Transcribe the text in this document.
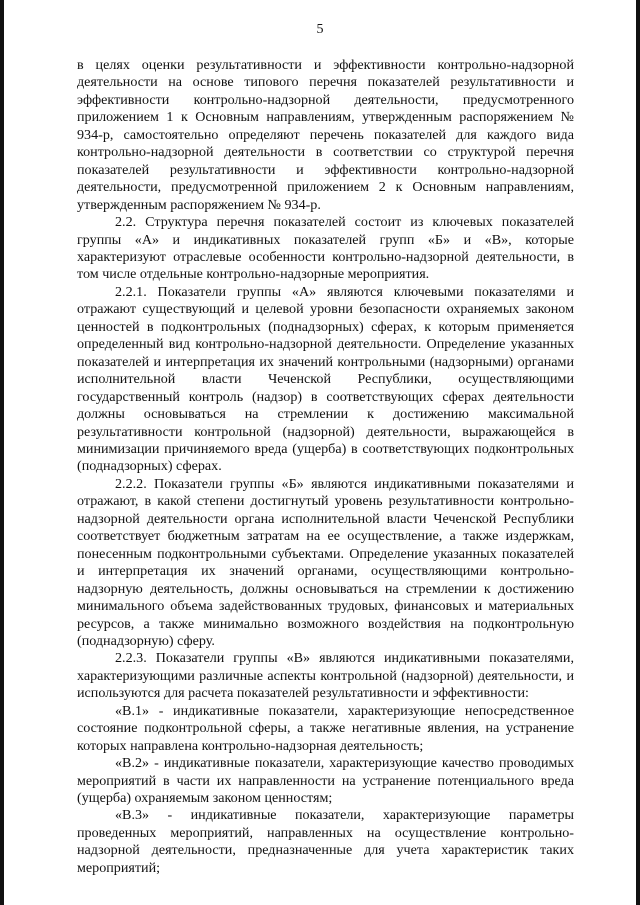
5

в целях оценки результативности и эффективности контрольно-надзорной деятельности на основе типового перечня показателей результативности и эффективности контрольно-надзорной деятельности, предусмотренного приложением 1 к Основным направлениям, утвержденным распоряжением № 934-р, самостоятельно определяют перечень показателей для каждого вида контрольно-надзорной деятельности в соответствии со структурой перечня показателей результативности и эффективности контрольно-надзорной деятельности, предусмотренной приложением 2 к Основным направлениям, утвержденным распоряжением № 934-р.

2.2. Структура перечня показателей состоит из ключевых показателей группы «А» и индикативных показателей групп «Б» и «В», которые характеризуют отраслевые особенности контрольно-надзорной деятельности, в том числе отдельные контрольно-надзорные мероприятия.

2.2.1. Показатели группы «А» являются ключевыми показателями и отражают существующий и целевой уровни безопасности охраняемых законом ценностей в подконтрольных (поднадзорных) сферах, к которым применяется определенный вид контрольно-надзорной деятельности. Определение указанных показателей и интерпретация их значений контрольными (надзорными) органами исполнительной власти Чеченской Республики, осуществляющими государственный контроль (надзор) в соответствующих сферах деятельности должны основываться на стремлении к достижению максимальной результативности контрольной (надзорной) деятельности, выражающейся в минимизации причиняемого вреда (ущерба) в соответствующих подконтрольных (поднадзорных) сферах.

2.2.2. Показатели группы «Б» являются индикативными показателями и отражают, в какой степени достигнутый уровень результативности контрольно-надзорной деятельности органа исполнительной власти Чеченской Республики соответствует бюджетным затратам на ее осуществление, а также издержкам, понесенным подконтрольными субъектами. Определение указанных показателей и интерпретация их значений органами, осуществляющими контрольно-надзорную деятельность, должны основываться на стремлении к достижению минимального объема задействованных трудовых, финансовых и материальных ресурсов, а также минимально возможного воздействия на подконтрольную (поднадзорную) сферу.

2.2.3. Показатели группы «В» являются индикативными показателями, характеризующими различные аспекты контрольной (надзорной) деятельности, и используются для расчета показателей результативности и эффективности:

«В.1» - индикативные показатели, характеризующие непосредственное состояние подконтрольной сферы, а также негативные явления, на устранение которых направлена контрольно-надзорная деятельность;

«В.2» - индикативные показатели, характеризующие качество проводимых мероприятий в части их направленности на устранение потенциального вреда (ущерба) охраняемым законом ценностям;

«В.3» - индикативные показатели, характеризующие параметры проведенных мероприятий, направленных на осуществление контрольно-надзорной деятельности, предназначенные для учета характеристик таких мероприятий;
